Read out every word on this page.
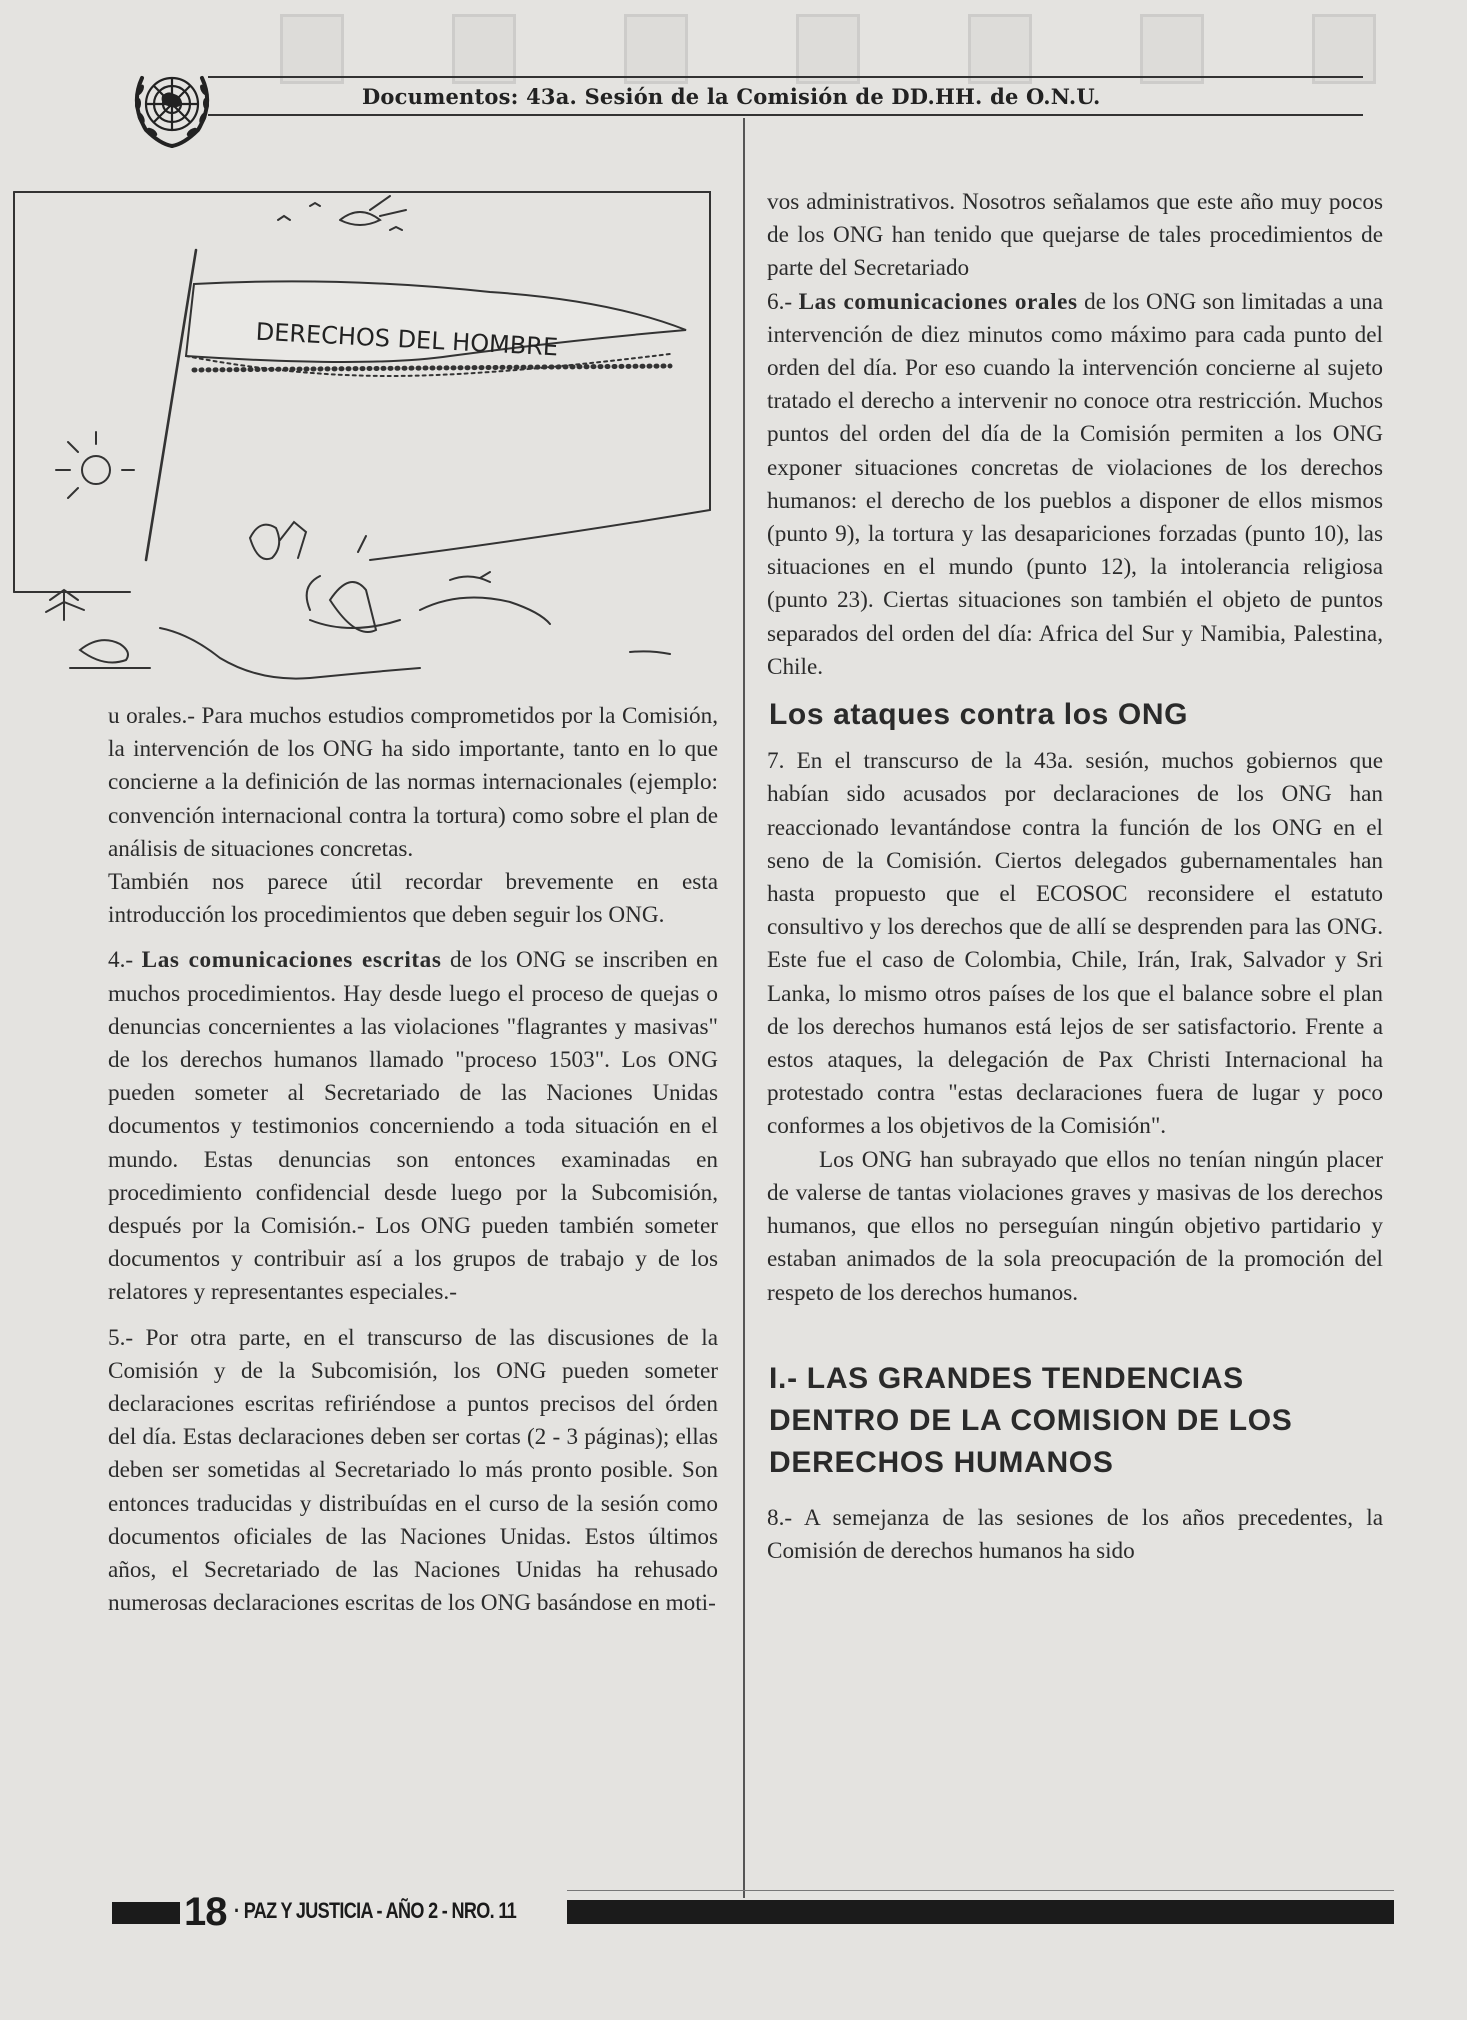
Documentos: 43a. Sesión de la Comisión de DD.HH. de O.N.U.
DERECHOS DEL HOMBRE

u orales.- Para muchos estudios comprometidos por la Comisión, la intervención de los ONG ha sido importante, tanto en lo que concierne a la definición de las normas internacionales (ejemplo: convención internacional contra la tortura) como sobre el plan de análisis de situaciones concretas.

También nos parece útil recordar brevemente en esta introducción los procedimientos que deben seguir los ONG.

4.- Las comunicaciones escritas de los ONG se inscriben en muchos procedimientos. Hay desde luego el proceso de quejas o denuncias concernientes a las violaciones "flagrantes y masivas" de los derechos humanos llamado "proceso 1503". Los ONG pueden someter al Secretariado de las Naciones Unidas documentos y testimonios concerniendo a toda situación en el mundo. Estas denuncias son entonces examinadas en procedimiento confidencial desde luego por la Subcomisión, después por la Comisión.- Los ONG pueden también someter documentos y contribuir así a los grupos de trabajo y de los relatores y representantes especiales.-

5.- Por otra parte, en el transcurso de las discusiones de la Comisión y de la Subcomisión, los ONG pueden someter declaraciones escritas refiriéndose a puntos precisos del órden del día. Estas declaraciones deben ser cortas (2 - 3 páginas); ellas deben ser sometidas al Secretariado lo más pronto posible. Son entonces traducidas y distribuídas en el curso de la sesión como documentos oficiales de las Naciones Unidas. Estos últimos años, el Secretariado de las Naciones Unidas ha rehusado numerosas declaraciones escritas de los ONG basándose en moti-

vos administrativos. Nosotros señalamos que este año muy pocos de los ONG han tenido que quejarse de tales procedimientos de parte del Secretariado

6.- Las comunicaciones orales de los ONG son limitadas a una intervención de diez minutos como máximo para cada punto del orden del día. Por eso cuando la intervención concierne al sujeto tratado el derecho a intervenir no conoce otra restricción. Muchos puntos del orden del día de la Comisión permiten a los ONG exponer situaciones concretas de violaciones de los derechos humanos: el derecho de los pueblos a disponer de ellos mismos (punto 9), la tortura y las desapariciones forzadas (punto 10), las situaciones en el mundo (punto 12), la intolerancia religiosa (punto 23). Ciertas situaciones son también el objeto de puntos separados del orden del día: Africa del Sur y Namibia, Palestina, Chile.

Los ataques contra los ONG

7. En el transcurso de la 43a. sesión, muchos gobiernos que habían sido acusados por declaraciones de los ONG han reaccionado levantándose contra la función de los ONG en el seno de la Comisión. Ciertos delegados gubernamentales han hasta propuesto que el ECOSOC reconsidere el estatuto consultivo y los derechos que de allí se desprenden para las ONG. Este fue el caso de Colombia, Chile, Irán, Irak, Salvador y Sri Lanka, lo mismo otros países de los que el balance sobre el plan de los derechos humanos está lejos de ser satisfactorio. Frente a estos ataques, la delegación de Pax Christi Internacional ha protestado contra "estas declaraciones fuera de lugar y poco conformes a los objetivos de la Comisión".

Los ONG han subrayado que ellos no tenían ningún placer de valerse de tantas violaciones graves y masivas de los derechos humanos, que ellos no perseguían ningún objetivo partidario y estaban animados de la sola preocupación de la promoción del respeto de los derechos humanos.

I.- LAS GRANDES TENDENCIAS DENTRO DE LA COMISION DE LOS DERECHOS HUMANOS

8.- A semejanza de las sesiones de los años precedentes, la Comisión de derechos humanos ha sido

18 · PAZ Y JUSTICIA - AÑO 2 - NRO. 11
